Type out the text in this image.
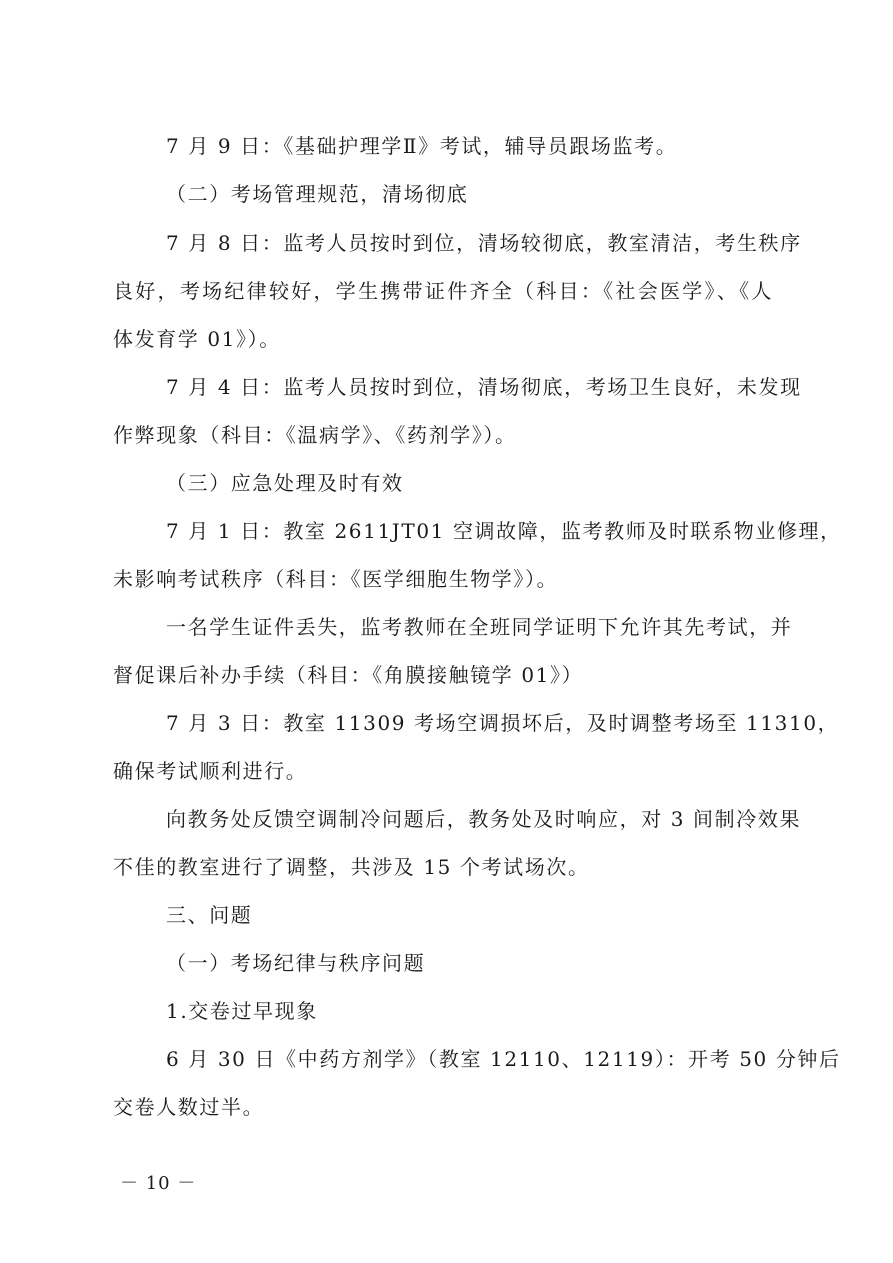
7 月 9 日：《基础护理学Ⅱ》考试，辅导员跟场监考。
（二）考场管理规范，清场彻底
7 月 8 日：监考人员按时到位，清场较彻底，教室清洁，考生秩序
良好，考场纪律较好，学生携带证件齐全（科目：《社会医学》、《人
体发育学 01》）。
7 月 4 日：监考人员按时到位，清场彻底，考场卫生良好，未发现
作弊现象（科目：《温病学》、《药剂学》）。
（三）应急处理及时有效
7 月 1 日：教室 2611JT01 空调故障，监考教师及时联系物业修理，
未影响考试秩序（科目：《医学细胞生物学》）。
一名学生证件丢失，监考教师在全班同学证明下允许其先考试，并
督促课后补办手续（科目：《角膜接触镜学 01》）
7 月 3 日：教室 11309 考场空调损坏后，及时调整考场至 11310，
确保考试顺利进行。
向教务处反馈空调制冷问题后，教务处及时响应，对 3 间制冷效果
不佳的教室进行了调整，共涉及 15 个考试场次。
三、问题
（一）考场纪律与秩序问题
1.交卷过早现象
6 月 30 日《中药方剂学》（教室 12110、12119）：开考 50 分钟后
交卷人数过半。
－ 10 －
